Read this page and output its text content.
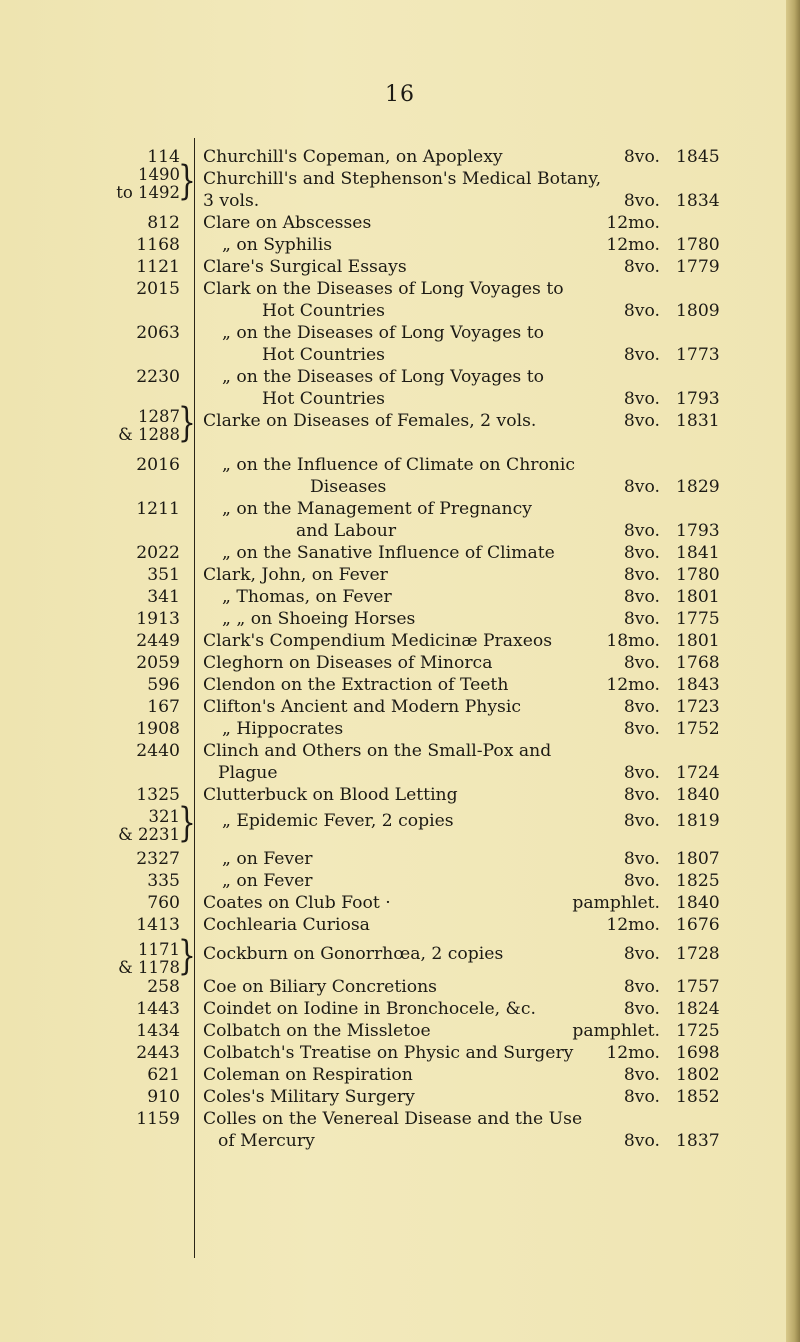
16
114 Churchill's Copeman, on Apoplexy	8vo. 1845
1490
to 1492
} Churchill's and Stephenson's Medical Botany,
3 vols.	8vo. 1834
812 Clare on Abscesses	12mo.
1168 „ on Syphilis	12mo. 1780
1121 Clare's Surgical Essays	8vo. 1779
2015 Clark on the Diseases of Long Voyages to
Hot Countries	8vo. 1809
2063 „ on the Diseases of Long Voyages to
Hot Countries	8vo. 1773
2230 „ on the Diseases of Long Voyages to
Hot Countries	8vo. 1793
1287
& 1288
} Clarke on Diseases of Females, 2 vols.	8vo. 1831
2016 „ on the Influence of Climate on Chronic
Diseases	8vo. 1829
1211 „ on the Management of Pregnancy
and Labour	8vo. 1793
2022 „ on the Sanative Influence of Climate	8vo. 1841
351 Clark, John, on Fever	8vo. 1780
341 „ Thomas, on Fever	8vo. 1801
1913 „ „ on Shoeing Horses	8vo. 1775
2449 Clark's Compendium Medicinæ Praxeos	18mo. 1801
2059 Cleghorn on Diseases of Minorca	8vo. 1768
596 Clendon on the Extraction of Teeth	12mo. 1843
167 Clifton's Ancient and Modern Physic	8vo. 1723
1908 „ Hippocrates	8vo. 1752
2440 Clinch and Others on the Small-Pox and
Plague	8vo. 1724
1325 Clutterbuck on Blood Letting	8vo. 1840
321
& 2231
} „ Epidemic Fever, 2 copies	8vo. 1819
2327 „ on Fever	8vo. 1807
335 „ on Fever	8vo. 1825
760 Coates on Club Foot ·	pamphlet. 1840
1413 Cochlearia Curiosa	12mo. 1676
1171
& 1178
} Cockburn on Gonorrhœa, 2 copies	8vo. 1728
258 Coe on Biliary Concretions	8vo. 1757
1443 Coindet on Iodine in Bronchocele, &c.	8vo. 1824
1434 Colbatch on the Missletoe	pamphlet. 1725
2443 Colbatch's Treatise on Physic and Surgery	12mo. 1698
621 Coleman on Respiration	8vo. 1802
910 Coles's Military Surgery	8vo. 1852
1159 Colles on the Venereal Disease and the Use
of Mercury	8vo. 1837
